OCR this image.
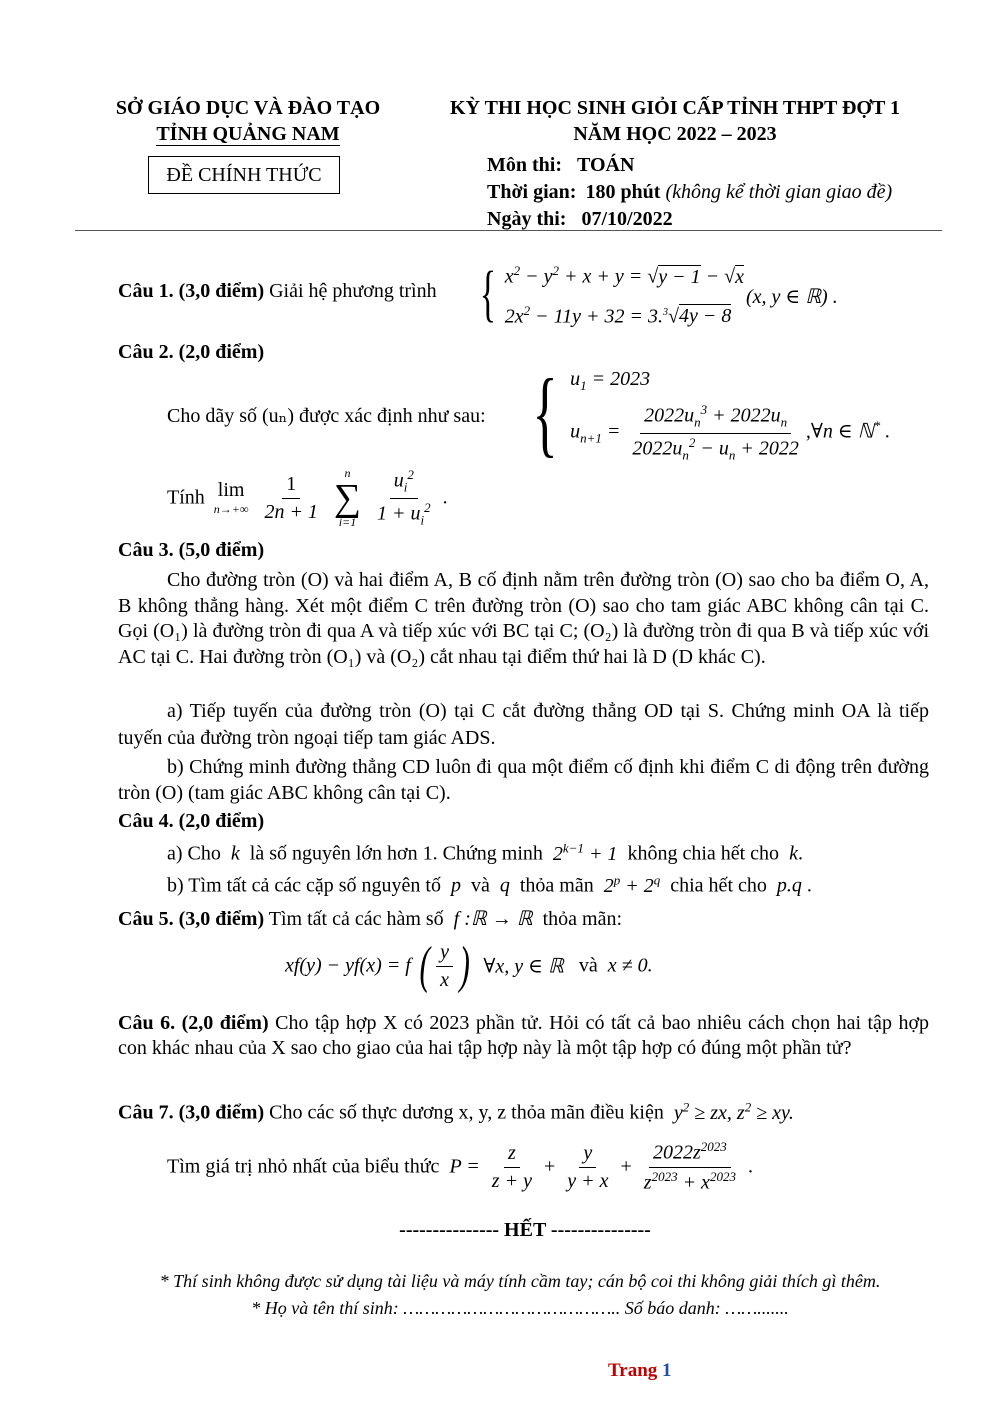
SỞ GIÁO DỤC VÀ ĐÀO TẠO
TỈNH QUẢNG NAM
ĐỀ CHÍNH THỨC
KỲ THI HỌC SINH GIỎI CẤP TỈNH THPT ĐỢT 1
NĂM HỌC 2022 – 2023
Môn thi: TOÁN
Thời gian: 180 phút (không kể thời gian giao đề)
Ngày thi: 07/10/2022
Câu 1. (3,0 điểm) Giải hệ phương trình { $x^2 - y^2 + x + y = √y - 1 - √x$
$2x^2 - 11y + 32 = 3.^3√4y - 8$
(x, y ∈ ℝ) .
Câu 2. (2,0 điểm)
Cho dãy số (uₙ) được xác định như sau: { $u_1 = 2023$
$u_{n+1} = \frac{2022u_n^3 + 2022u_n}{2022u_n^2 - u_n + 2022}$ ,∀n ∈ ℕ* .
Tính lim
n→+∞
$\frac{1}{2n + 1}$
n
∑
i=1
$\frac{u_i^2}{1 + u_i^2}$ .
Câu 3. (5,0 điểm)
Cho đường tròn (O) và hai điểm A, B cố định nằm trên đường tròn (O) sao cho ba điểm O, A, B không thẳng hàng. Xét một điểm C trên đường tròn (O) sao cho tam giác ABC không cân tại C. Gọi (O₁) là đường tròn đi qua A và tiếp xúc với BC tại C; (O₂) là đường tròn đi qua B và tiếp xúc với AC tại C. Hai đường tròn (O₁) và (O₂) cắt nhau tại điểm thứ hai là D (D khác C).
a) Tiếp tuyến của đường tròn (O) tại C cắt đường thẳng OD tại S. Chứng minh OA là tiếp tuyến của đường tròn ngoại tiếp tam giác ADS.
b) Chứng minh đường thẳng CD luôn đi qua một điểm cố định khi điểm C di động trên đường tròn (O) (tam giác ABC không cân tại C).
Câu 4. (2,0 điểm)
a) Cho  k  là số nguyên lớn hơn 1. Chứng minh  $2^{k-1} + 1$  không chia hết cho  k.
b) Tìm tất cả các cặp số nguyên tố  p  và  q  thỏa mãn  $2^p + 2^q$ chia hết cho  p.q .
Câu 5. (3,0 điểm) Tìm tất cả các hàm số  f :ℝ → ℝ  thỏa mãn:
xf(y) − yf(x) = f ( $\frac{y}{x}$ )  ∀x, y ∈ ℝ   và  x ≠ 0.
Câu 6. (2,0 điểm) Cho tập hợp X có 2023 phần tử. Hỏi có tất cả bao nhiêu cách chọn hai tập hợp con khác nhau của X sao cho giao của hai tập hợp này là một tập hợp có đúng một phần tử?
Câu 7. (3,0 điểm) Cho các số thực dương x, y, z thỏa mãn điều kiện  $y^2$ ≥ zx, $z^2$ ≥ xy.
Tìm giá trị nhỏ nhất của biểu thức  $P = \frac{z}{z + y} + \frac{y}{y + x} + \frac{2022z^{2023}}{z^{2023} + x^{2023}}$ .
--------------- HẾT ---------------
* Thí sinh không được sử dụng tài liệu và máy tính cầm tay; cán bộ coi thi không giải thích gì thêm.
* Họ và tên thí sinh: ………………………………….. Số báo danh: …….......
Trang 1
